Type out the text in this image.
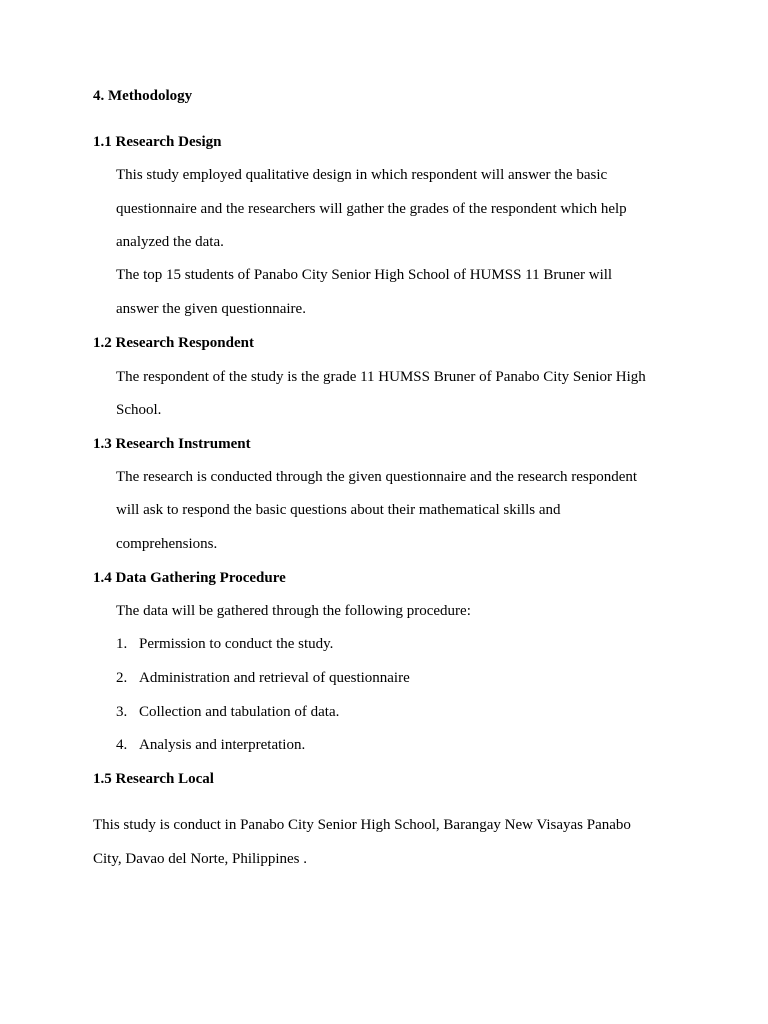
4. Methodology
1.1 Research Design
This study employed qualitative design in which respondent will answer the basic
questionnaire and the researchers will gather the grades of the respondent which help
analyzed the data.
The top 15 students of Panabo City Senior High School of HUMSS 11 Bruner will
answer the given questionnaire.
1.2 Research Respondent
The respondent of the study is the grade 11 HUMSS Bruner of Panabo City Senior High
School.
1.3 Research Instrument
The research is conducted through the given questionnaire and the research respondent
will ask to respond the basic questions about their mathematical skills and
comprehensions.
1.4 Data Gathering Procedure
The data will be gathered through the following procedure:
1. Permission to conduct the study.
2. Administration and retrieval of questionnaire
3. Collection and tabulation of data.
4. Analysis and interpretation.
1.5 Research Local
This study is conduct in Panabo City Senior High School, Barangay New Visayas Panabo
City, Davao del Norte, Philippines .
